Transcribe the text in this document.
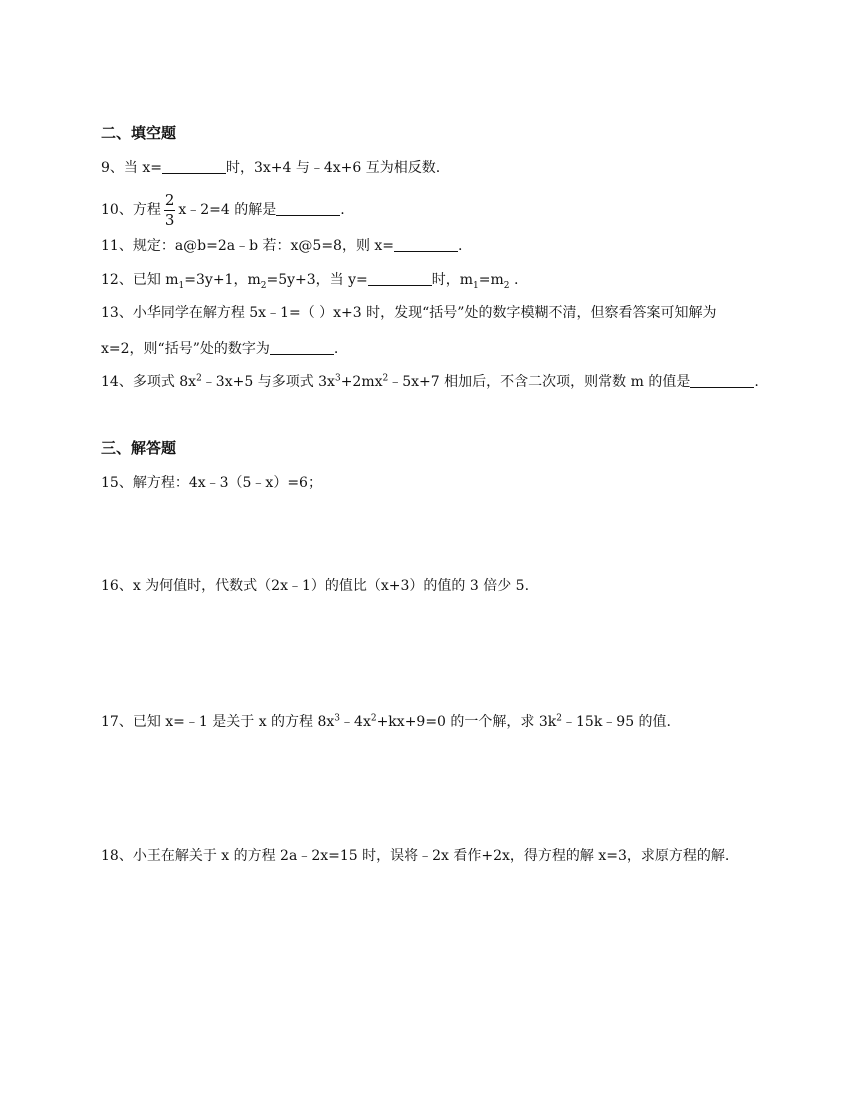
二、填空题
9、当 x=	时，3x+4 与﹣4x+6 互为相反数.
10、方程 $\frac{2}{3}$ x﹣2=4 的解是	.
11、规定：a@b=2a﹣b 若：x@5=8，则 x=	.
12、已知 $m_1=3y+1$，$m_2=5y+3$，当 y=	时，$m_1=m_2$ .
13、小华同学在解方程 5x﹣1=（ ）x+3 时，发现“括号”处的数字模糊不清，但察看答案可知解为
x=2，则“括号”处的数字为	.
14、多项式 $8x^2﹣3x+5$ 与多项式 $3x^3+2mx^2﹣5x+7$ 相加后，不含二次项，则常数 m 的值是	.
三、解答题
15、解方程：4x﹣3（5﹣x）=6；
16、x 为何值时，代数式（2x﹣1）的值比（x+3）的值的 3 倍少 5.
17、已知 x=﹣1 是关于 x 的方程 $8x^3﹣4x^2+kx+9=0$ 的一个解，求 $3k^2﹣15k﹣95$ 的值.
18、小王在解关于 x 的方程 2a﹣2x=15 时，误将﹣2x 看作+2x，得方程的解 x=3，求原方程的解.
